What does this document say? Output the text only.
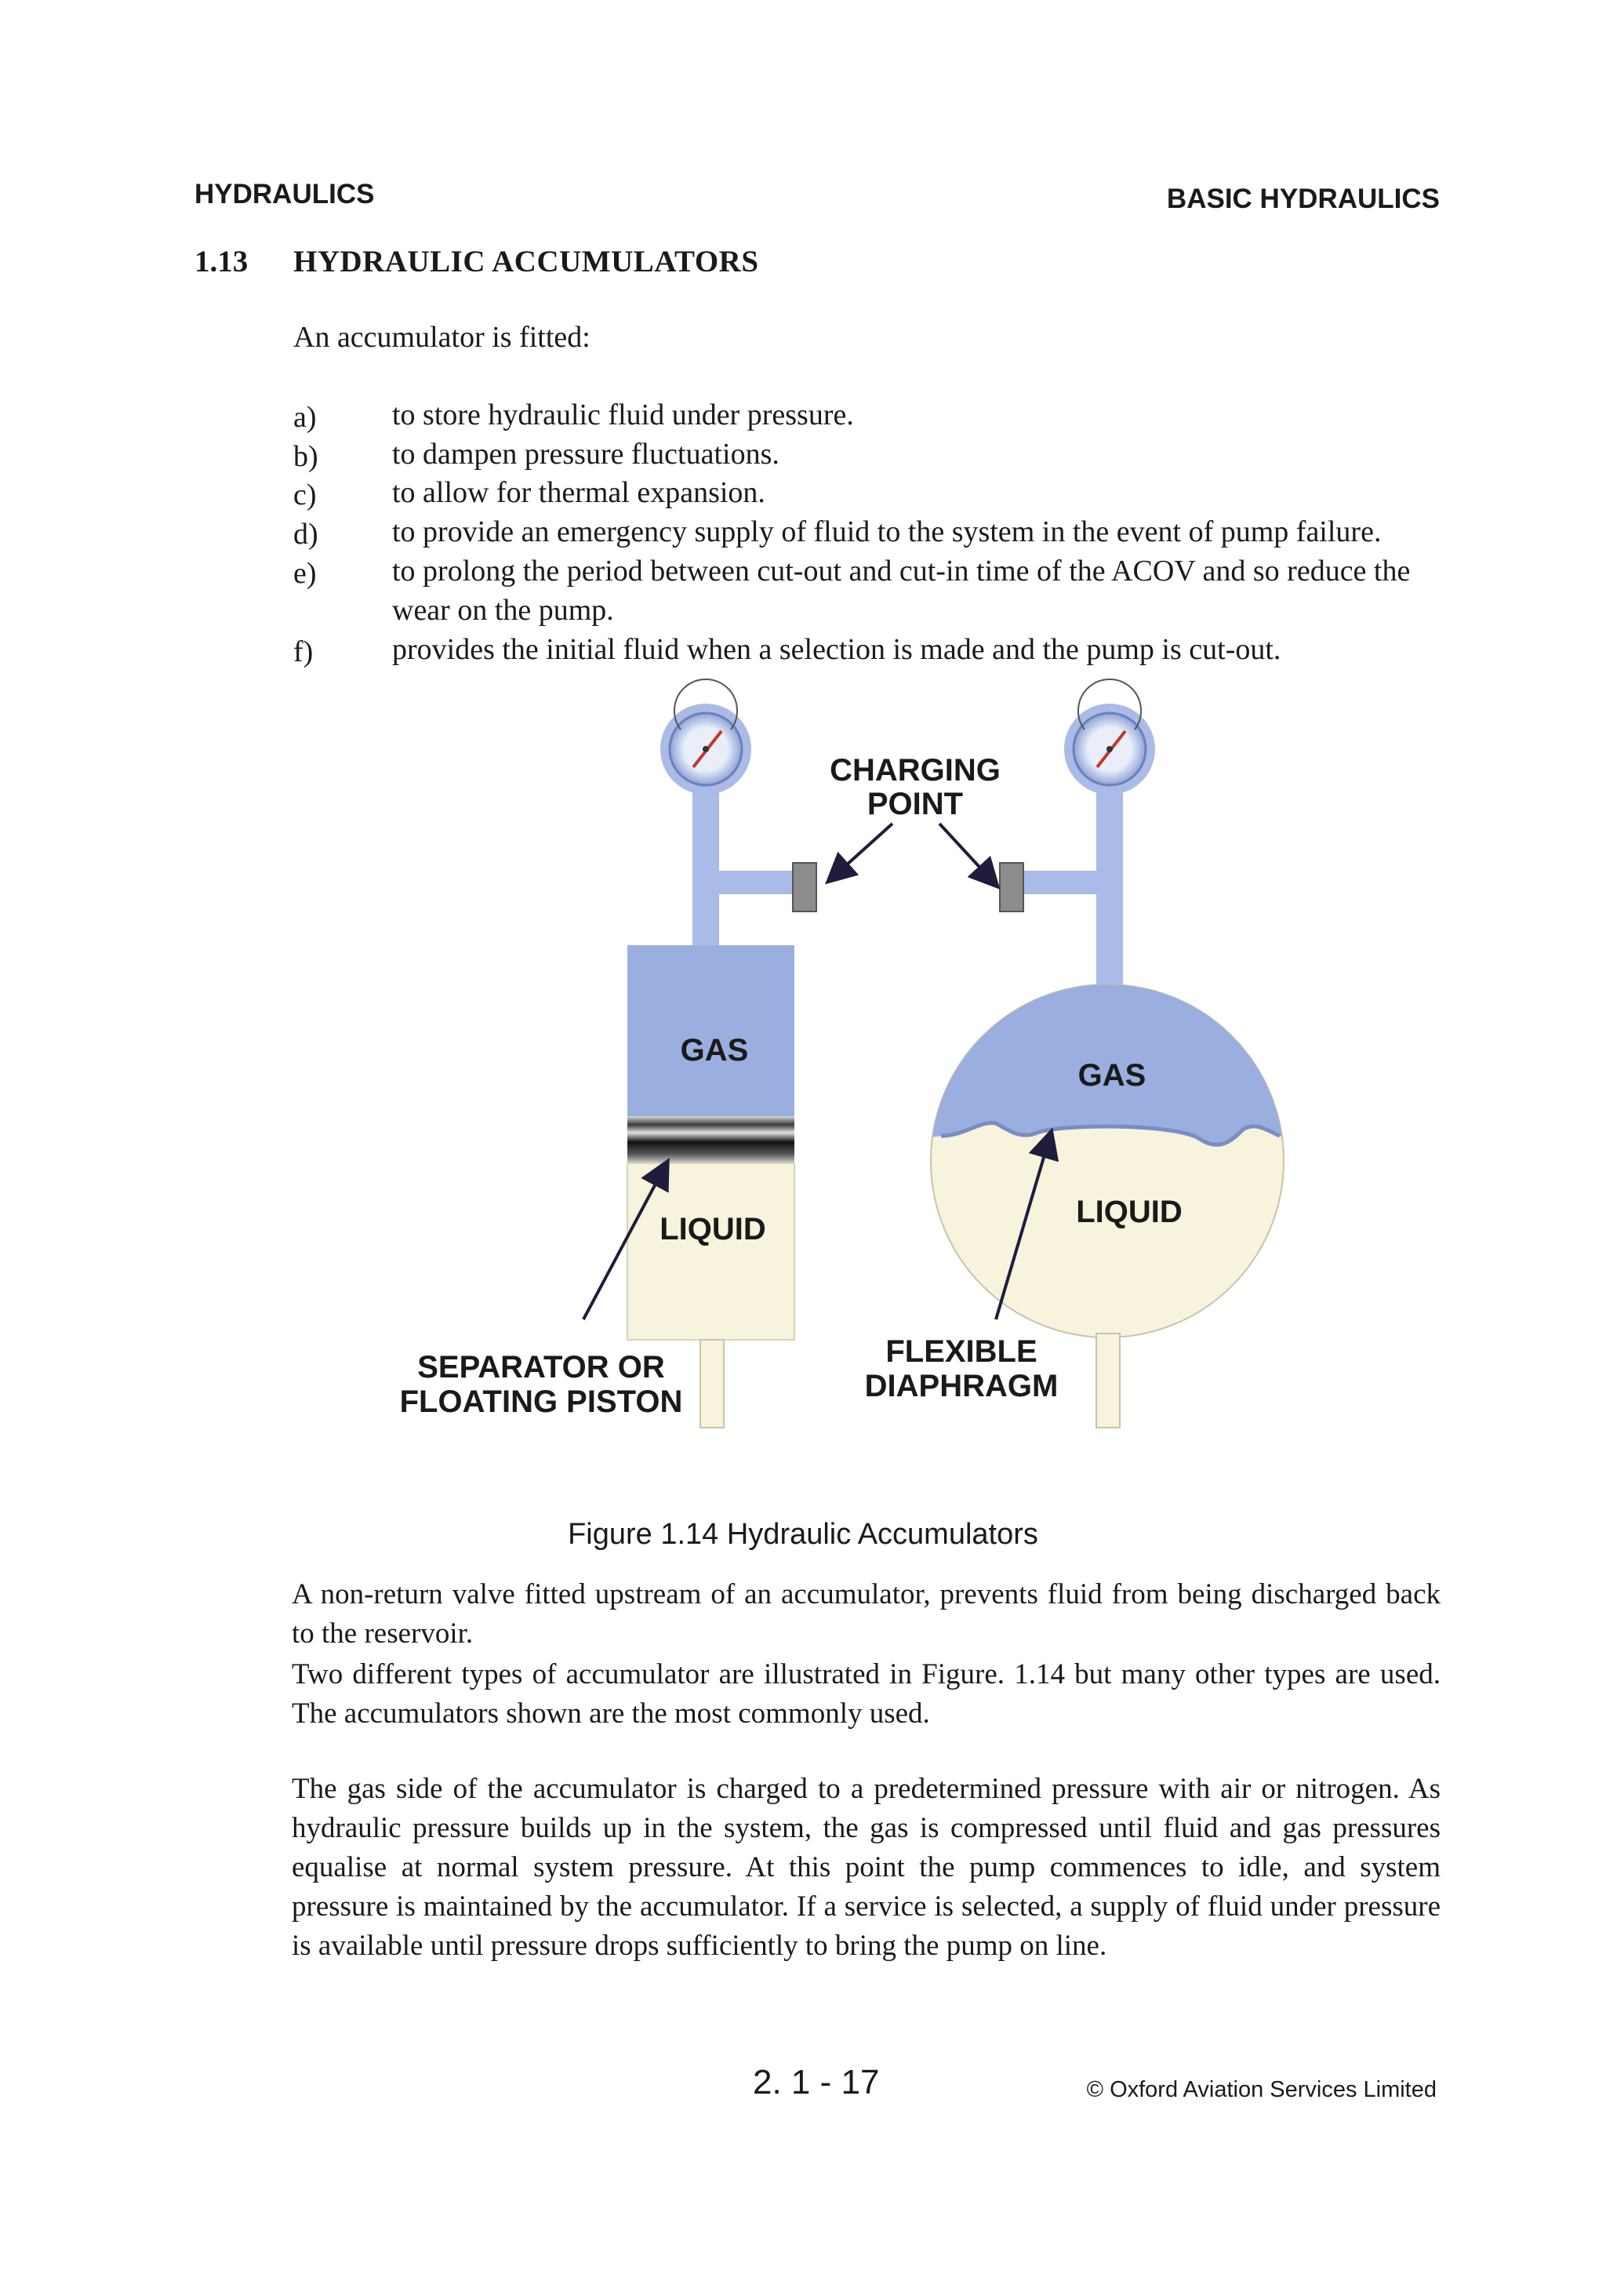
HYDRAULICS	BASIC HYDRAULICS
1.13 HYDRAULIC ACCUMULATORS
An accumulator is fitted:
a)	to store hydraulic fluid under pressure.
b) to dampen pressure fluctuations.
c)	to allow for thermal expansion.
d) to provide an emergency supply of fluid to the system in the event of pump failure.
e)	to prolong the period between cut-out and cut-in time of the ACOV and so reduce the wear on the pump.
f)	provides the initial fluid when a selection is made and the pump is cut-out.
CHARGING
POINT
GAS
LIQUID
SEPARATOR OR
FLOATING PISTON
GAS
LIQUID
FLEXIBLE
DIAPHRAGM
Figure 1.14 Hydraulic Accumulators
A non-return valve fitted upstream of an accumulator, prevents fluid from being discharged back to the reservoir.
Two different types of accumulator are illustrated in Figure. 1.14 but many other types are used. The accumulators shown are the most commonly used.
The gas side of the accumulator is charged to a predetermined pressure with air or nitrogen. As hydraulic pressure builds up in the system, the gas is compressed until fluid and gas pressures equalise at normal system pressure. At this point the pump commences to idle, and system pressure is maintained by the accumulator. If a service is selected, a supply of fluid under pressure is available until pressure drops sufficiently to bring the pump on line.
2. 1 - 17	© Oxford Aviation Services Limited
